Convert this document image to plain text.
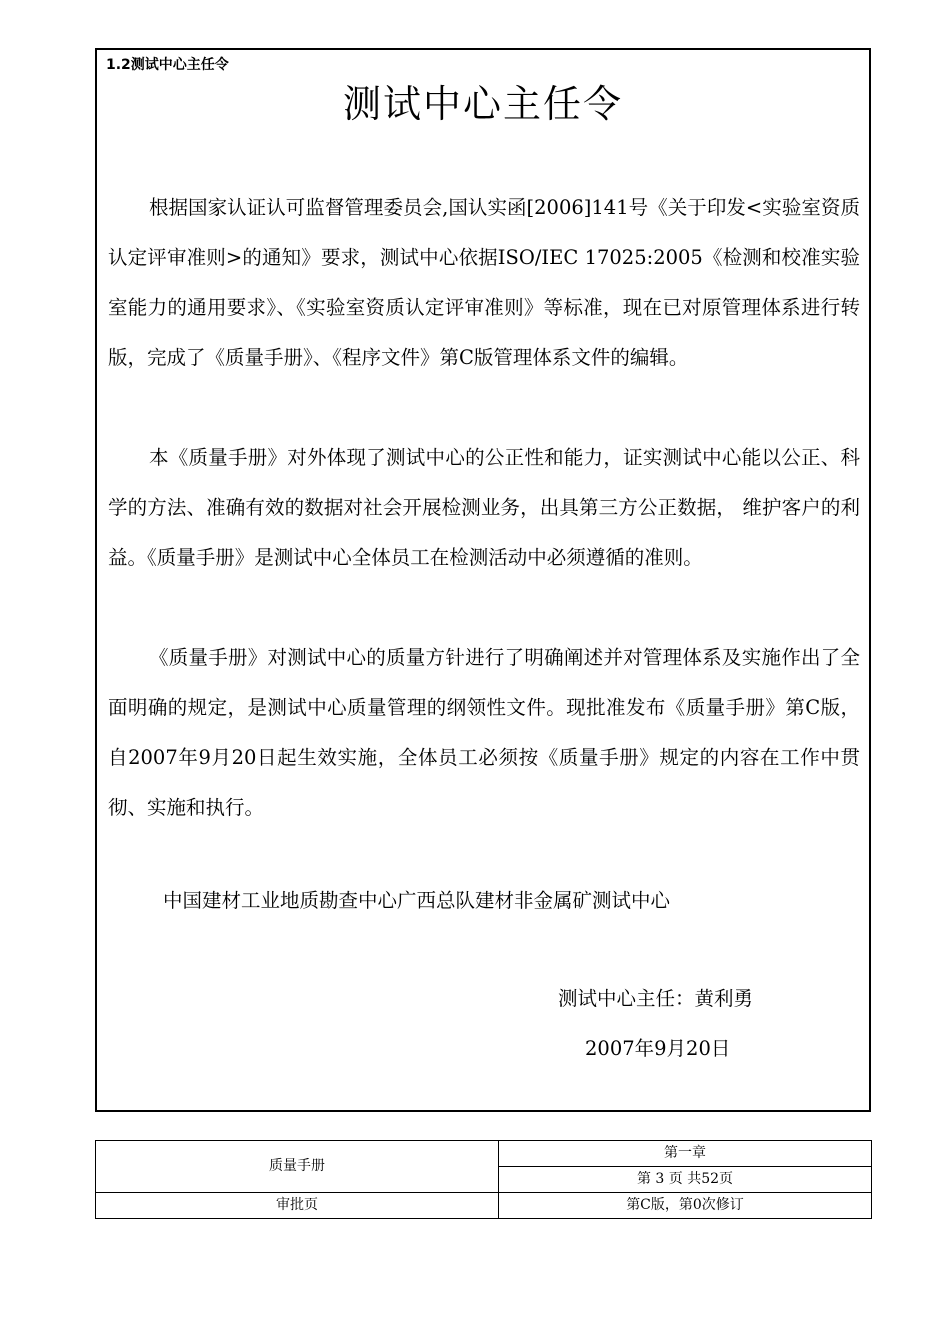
1.2测试中心主任令
测试中心主任令

根据国家认证认可监督管理委员会,国认实函[2006]141号《关于印发<实验室资质认定评审准则>的通知》要求，测试中心依据ISO/IEC 17025:2005《检测和校准实验室能力的通用要求》、《实验室资质认定评审准则》等标准，现在已对原管理体系进行转版，完成了《质量手册》、《程序文件》第C版管理体系文件的编辑。

本《质量手册》对外体现了测试中心的公正性和能力，证实测试中心能以公正、科学的方法、准确有效的数据对社会开展检测业务，出具第三方公正数据， 维护客户的利益。《质量手册》是测试中心全体员工在检测活动中必须遵循的准则。

《质量手册》对测试中心的质量方针进行了明确阐述并对管理体系及实施作出了全面明确的规定，是测试中心质量管理的纲领性文件。现批准发布《质量手册》第C版，自2007年9月20日起生效实施，全体员工必须按《质量手册》规定的内容在工作中贯彻、实施和执行。

中国建材工业地质勘查中心广西总队建材非金属矿测试中心
测试中心主任：黄利勇
2007年9月20日
质量手册	第一章
	第 3 页 共52页
审批页	第C版，第0次修订
